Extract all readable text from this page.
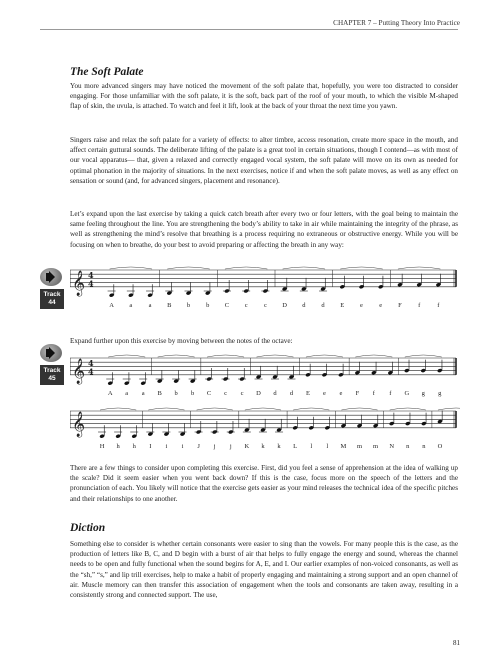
CHAPTER 7 – Putting Theory Into Practice
The Soft Palate

You more advanced singers may have noticed the movement of the soft palate that, hopefully, you were too distracted to consider engaging. For those unfamiliar with the soft palate, it is the soft, back part of the roof of your mouth, to which the visible M-shaped flap of skin, the uvula, is attached. To watch and feel it lift, look at the back of your throat the next time you yawn.

Singers raise and relax the soft palate for a variety of effects: to alter timbre, access resonation, create more space in the mouth, and affect certain guttural sounds. The deliberate lifting of the palate is a great tool in certain situations, though I contend—as with most of our vocal apparatus— that, given a relaxed and correctly engaged vocal system, the soft palate will move on its own as needed for optimal phonation in the majority of situations. In the next exercises, notice if and when the soft palate moves, as well as any effect on sensation or sound (and, for advanced singers, placement and resonance).

Let’s expand upon the last exercise by taking a quick catch breath after every two or four letters, with the goal being to maintain the same feeling throughout the line. You are strengthening the body’s ability to take in air while maintaining the integrity of the phrase, as well as strengthening the mind’s resolve that breathing is a process requiring no extraneous or obstructive energy. While you will be focusing on when to breathe, do your best to avoid preparing or affecting the breath in any way:

Track
44
𝄞 4
4
A a	a B b b C c	c D d d E e	e F	f	f

Expand further upon this exercise by moving between the notes of the octave:

Track
45 𝄞 4
4
A a a B b b C c c D d d E e e F f f G g g
𝄞
H h h I i i J j j K k k L l l M m m N n n O

There are a few things to consider upon completing this exercise. First, did you feel a sense of apprehension at the idea of walking up the scale? Did it seem easier when you went back down? If this is the case, focus more on the speech of the letters and the pronunciation of each. You likely will notice that the exercise gets easier as your mind releases the technical idea of the specific pitches and their relationships to one another.

Diction

Something else to consider is whether certain consonants were easier to sing than the vowels. For many people this is the case, as the production of letters like B, C, and D begin with a burst of air that helps to fully engage the energy and sound, whereas the channel needs to be open and fully functional when the sound begins for A, E, and I. Our earlier examples of non-voiced consonants, as well as the “sh,” “s,” and lip trill exercises, help to make a habit of properly engaging and maintaining a strong support and an open channel of air. Muscle memory can then transfer this association of engagement when the tools and consonants are taken away, resulting in a consistently strong and connected support. The use,

81
